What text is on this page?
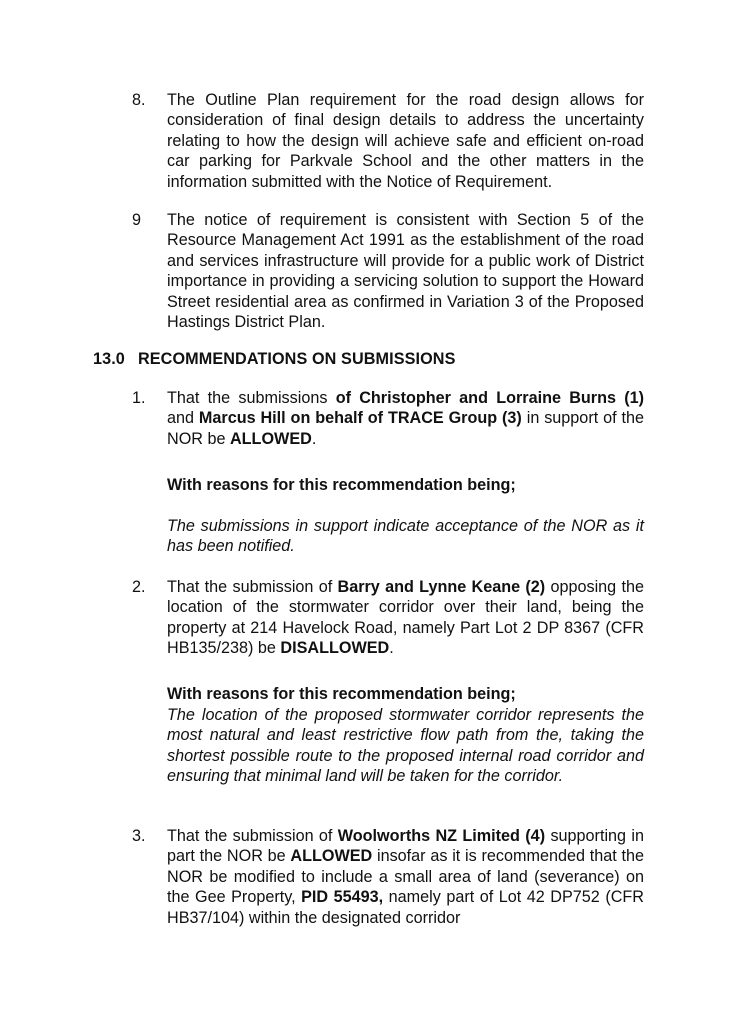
8.	The Outline Plan requirement for the road design allows for consideration of final design details to address the uncertainty relating to how the design will achieve safe and efficient on-road car parking for Parkvale School and the other matters in the information submitted with the Notice of Requirement.
9	The notice of requirement is consistent with Section 5 of the Resource Management Act 1991 as the establishment of the road and services infrastructure will provide for a public work of District importance in providing a servicing solution to support the Howard Street residential area as confirmed in Variation 3 of the Proposed Hastings District Plan.
13.0 RECOMMENDATIONS ON SUBMISSIONS
1.	That the submissions of Christopher and Lorraine Burns (1) and Marcus Hill on behalf of TRACE Group (3) in support of the NOR be ALLOWED.
With reasons for this recommendation being;
The submissions in support indicate acceptance of the NOR as it has been notified.
2.	That the submission of Barry and Lynne Keane (2) opposing the location of the stormwater corridor over their land, being the property at 214 Havelock Road, namely Part Lot 2 DP 8367 (CFR HB135/238) be DISALLOWED.
With reasons for this recommendation being;
The location of the proposed stormwater corridor represents the most natural and least restrictive flow path from the, taking the shortest possible route to the proposed internal road corridor and ensuring that minimal land will be taken for the corridor.
3.	That the submission of Woolworths NZ Limited (4) supporting in part the NOR be ALLOWED insofar as it is recommended that the NOR be modified to include a small area of land (severance) on the Gee Property, PID 55493, namely part of Lot 42 DP752 (CFR HB37/104) within the designated corridor
